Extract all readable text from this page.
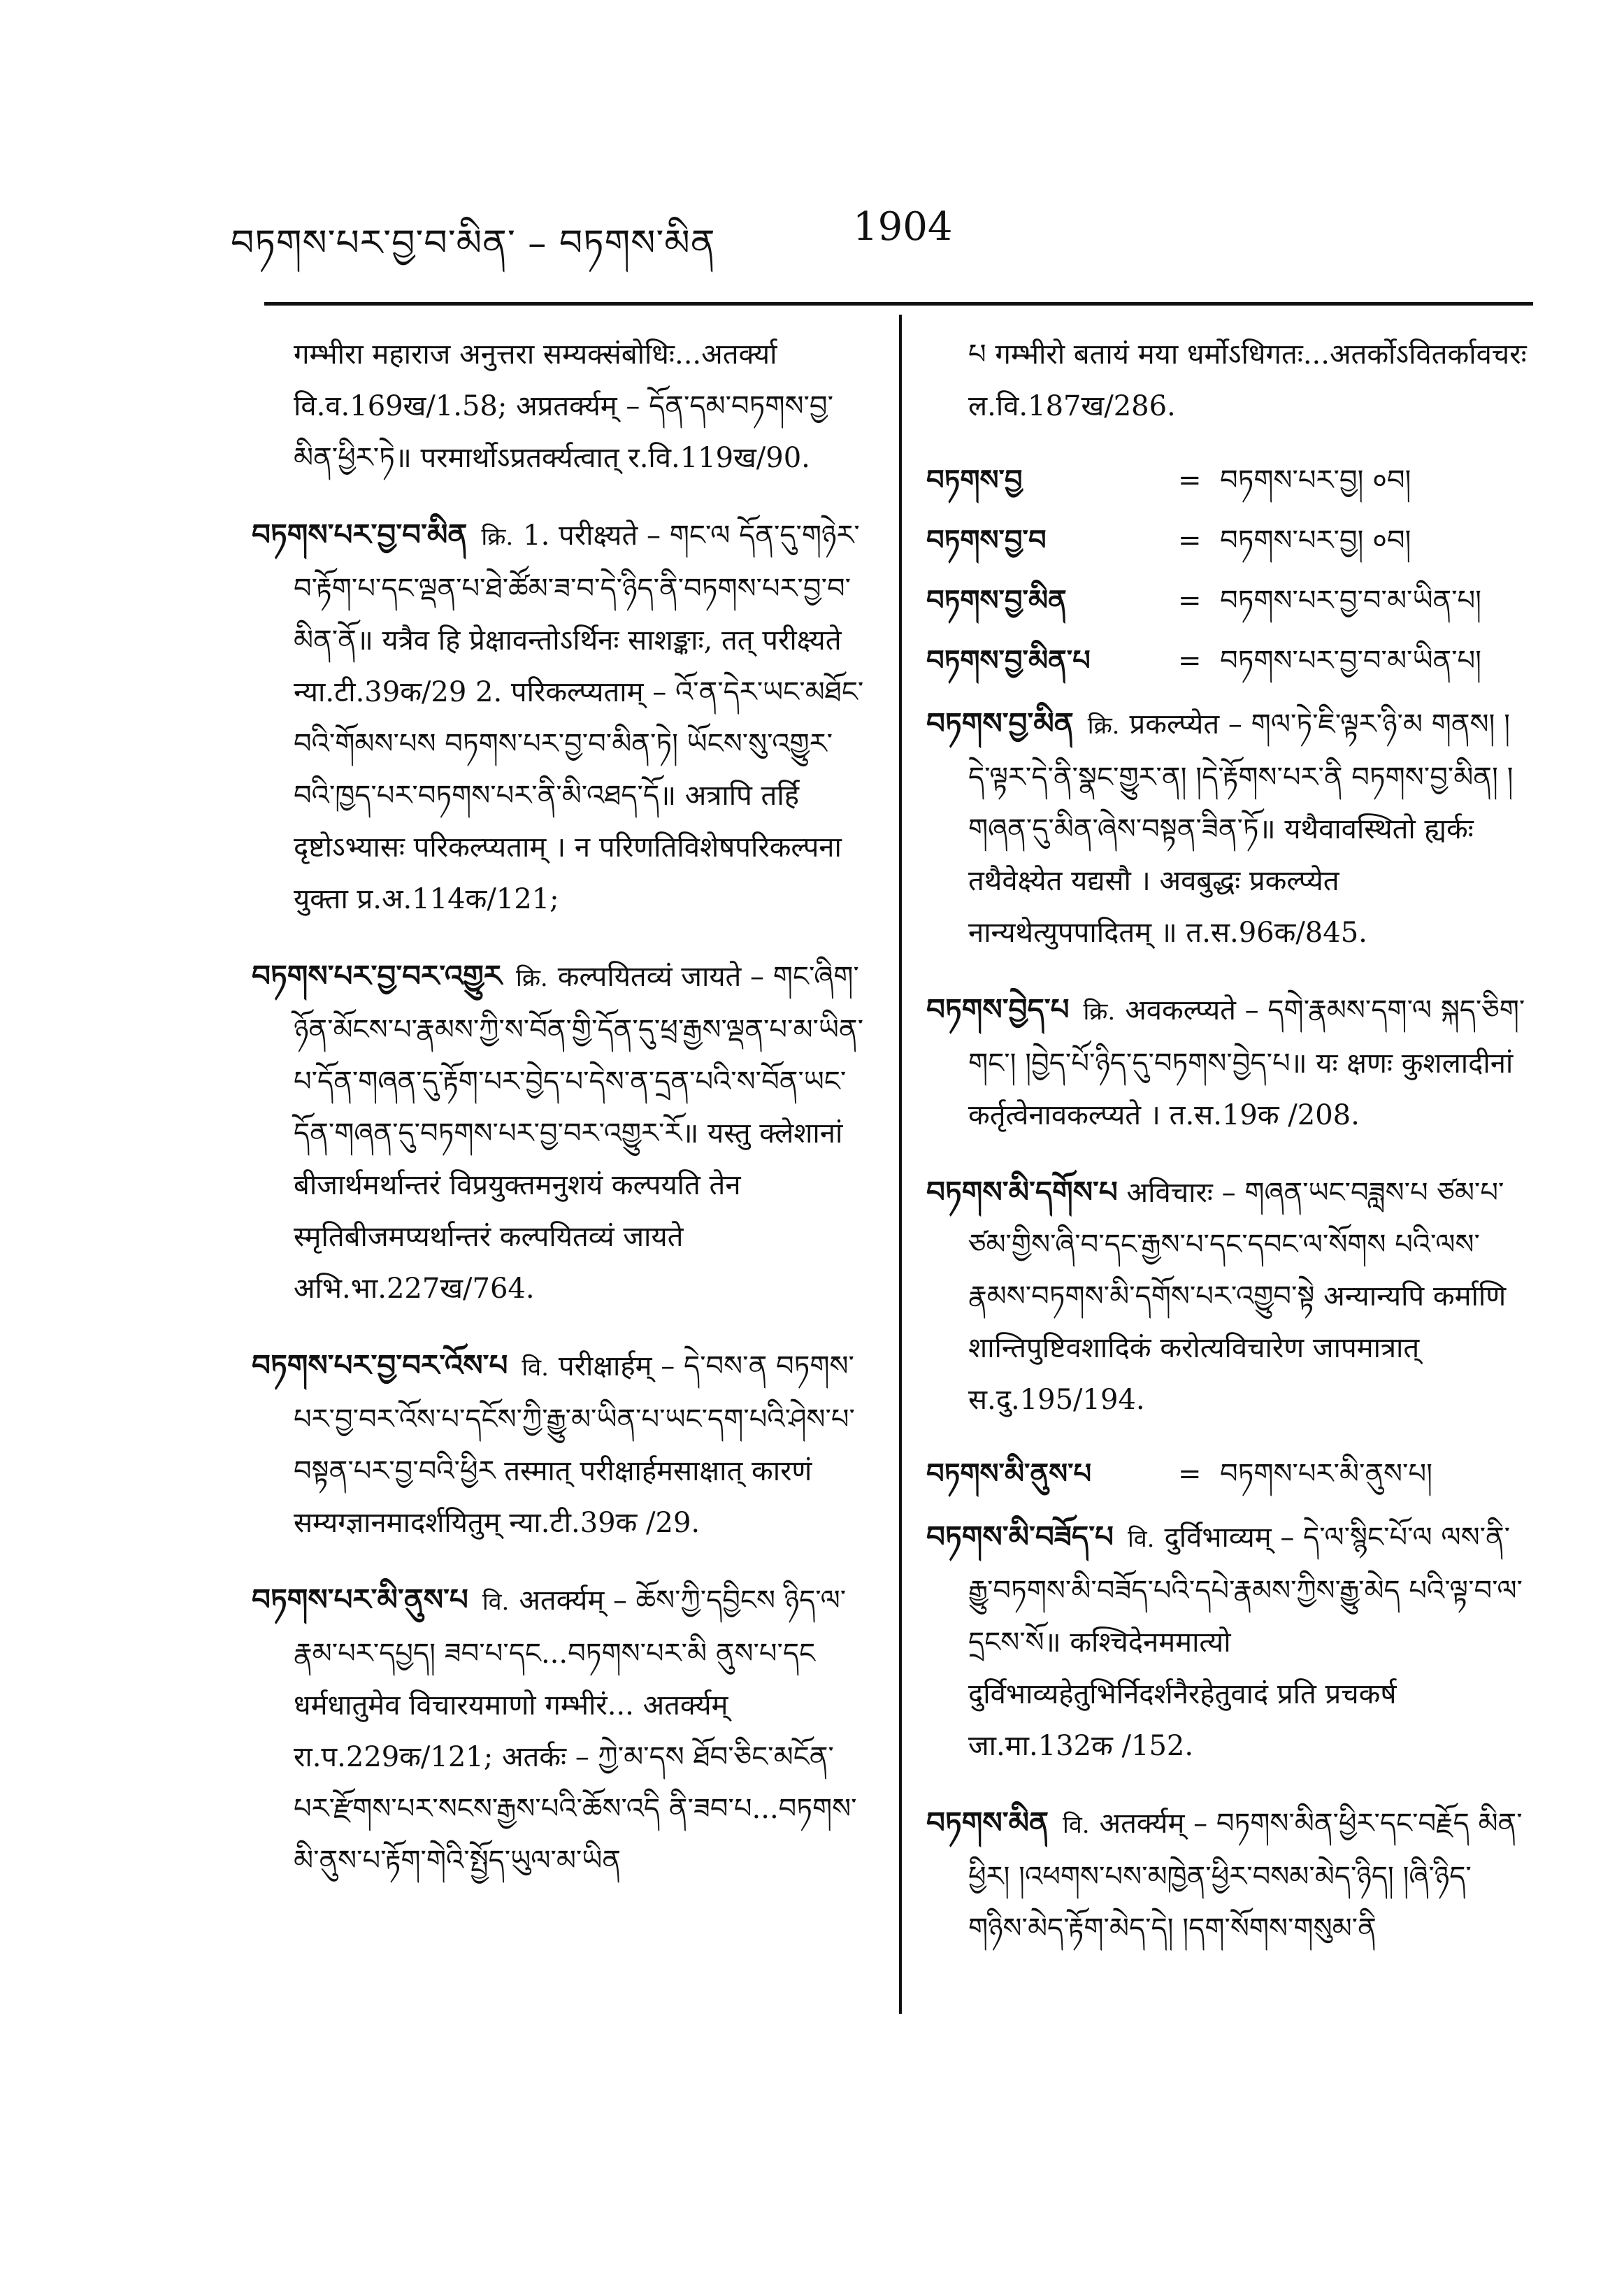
བཏགས་པར་བྱ་བ་མིན་ – བཏགས་མིན	1904
गम्भीरा महाराज अनुत्तरा सम्यक्संबोधिः...अतर्क्या वि.व.169ख/1.58; अप्रतर्क्यम् – དོན་དམ་བཏགས་བྱ་མིན་ཕྱིར་ཏེ॥ परमार्थोऽप्रतर्क्यत्वात् र.वि.119ख/90.
བཏགས་པར་བྱ་བ་མིན क्रि. 1. परीक्ष्यते – གང་ལ དོན་དུ་གཉེར་བ་རྟོག་པ་དང་ལྡན་པ་ཐེ་ཚོམ་ཟ་བ་དེ་ཉིད་ནི་བཏགས་པར་བྱ་བ་མིན་ནོ॥ यत्रैव हि प्रेक्षावन्तोऽर्थिनः साशङ्काः, तत् परीक्ष्यते न्या.टी.39क/29 2. परिकल्प्यताम् – འོ་ན་དེར་ཡང་མཐོང་བའི་གོམས་པས བཏགས་པར་བྱ་བ་མིན་ཏེ། ཡོངས་སུ་འགྱུར་བའི་ཁྱད་པར་བཏགས་པར་ནི་མི་འཐད་དོ॥ अत्रापि तर्हि दृष्टोऽभ्यासः परिकल्प्यताम् । न परिणतिविशेषपरिकल्पना युक्ता प्र.अ.114क/121;
བཏགས་པར་བྱ་བར་འགྱུར क्रि. कल्पयितव्यं जायते – གང་ཞིག་ཉོན་མོངས་པ་རྣམས་ཀྱི་ས་བོན་གྱི་དོན་དུ་ཕྲ་རྒྱས་ལྡན་པ་མ་ཡིན་པ་དོན་གཞན་དུ་རྟོག་པར་བྱེད་པ་དེས་ན་དྲན་པའི་ས་བོན་ཡང་དོན་གཞན་དུ་བཏགས་པར་བྱ་བར་འགྱུར་རོ॥ यस्तु क्लेशानां बीजार्थमर्थान्तरं विप्रयुक्तमनुशयं कल्पयति तेन स्मृतिबीजमप्यर्थान्तरं कल्पयितव्यं जायते अभि.भा.227ख/764.
བཏགས་པར་བྱ་བར་འོས་པ वि. परीक्षार्हम् – དེ་བས་ན བཏགས་པར་བྱ་བར་འོས་པ་དངོས་ཀྱི་རྒྱུ་མ་ཡིན་པ་ཡང་དག་པའི་ཤེས་པ་བསྟན་པར་བྱ་བའི་ཕྱིར तस्मात् परीक्षार्हमसाक्षात् कारणं सम्यग्ज्ञानमादर्शयितुम् न्या.टी.39क /29.
བཏགས་པར་མི་ནུས་པ वि. अतर्क्यम् – ཆོས་ཀྱི་དབྱིངས ཉིད་ལ་རྣམ་པར་དཔྱད། ཟབ་པ་དང...བཏགས་པར་མི ནུས་པ་དང धर्मधातुमेव विचारयमाणो गम्भीरं... अतर्क्यम् रा.प.229क/121; अतर्कः – ཀྱེ་མ་དས ཐོབ་ཅིང་མངོན་པར་རྫོགས་པར་སངས་རྒྱས་པའི་ཆོས་འདི ནི་ཟབ་པ...བཏགས་མི་ནུས་པ་རྟོག་གེའི་སྤྱོད་ཡུལ་མ་ཡིན
པ गम्भीरो बतायं मया धर्मोऽधिगतः...अतर्कोऽवितर्कावचरः ल.वि.187ख/286.
བཏགས་བྱ	= བཏགས་པར་བྱ། ०བ།
བཏགས་བྱ་བ	= བཏགས་པར་བྱ། ०བ།
བཏགས་བྱ་མིན	= བཏགས་པར་བྱ་བ་མ་ཡིན་པ།
བཏགས་བྱ་མིན་པ	= བཏགས་པར་བྱ་བ་མ་ཡིན་པ།
བཏགས་བྱ་མིན क्रि. प्रकल्प्येत – གལ་ཏེ་ཇི་ལྟར་ཉི་མ གནས། །དེ་ལྟར་དེ་ནི་སྣང་གྱུར་ན། །དེ་རྟོགས་པར་ནི བཏགས་བྱ་མིན། །གཞན་དུ་མིན་ཞེས་བསྟན་ཟིན་ཏོ॥ यथैवावस्थितो ह्यर्कः तथैवेक्ष्येत यद्यसौ । अवबुद्धः प्रकल्प्येत नान्यथेत्युपपादितम् ॥ त.स.96क/845.
བཏགས་བྱེད་པ क्रि. अवकल्प्यते – དགེ་རྣམས་དག་ལ སྐད་ཅིག་གང་། །བྱེད་པོ་ཉིད་དུ་བཏགས་བྱེད་པ॥ यः क्षणः कुशलादीनां कर्तृत्वेनावकल्प्यते । त.स.19क /208.
བཏགས་མི་དགོས་པ अविचारः – གཞན་ཡང་བཟླས་པ ཙམ་པ་ཙམ་གྱིས་ཞི་བ་དང་རྒྱས་པ་དང་དབང་ལ་སོགས པའི་ལས་རྣམས་བཏགས་མི་དགོས་པར་འགྱུབ་སྟེ अन्यान्यपि कर्माणि शान्तिपुष्टिवशादिकं करोत्यविचारेण जापमात्रात् स.दु.195/194.
བཏགས་མི་ནུས་པ	= བཏགས་པར་མི་ནུས་པ།
བཏགས་མི་བཟོད་པ वि. दुर्विभाव्यम् – དེ་ལ་སྙིང་པོ་ལ ལས་ནི་རྒྱུ་བཏགས་མི་བཟོད་པའི་དཔེ་རྣམས་ཀྱིས་རྒྱུ་མེད པའི་ལྟ་བ་ལ་དྲངས་སོ॥ कश्चिदेनममात्यो दुर्विभाव्यहेतुभिर्निदर्शनैरहेतुवादं प्रति प्रचकर्ष जा.मा.132क /152.
བཏགས་མིན वि. अतर्क्यम् – བཏགས་མིན་ཕྱིར་དང་བརྗོད མིན་ཕྱིར། །འཕགས་པས་མཁྱེན་ཕྱིར་བསམ་མེད་ཉིད། །ཞི་ཉིད་གཉིས་མེད་རྟོག་མེད་དེ། །དག་སོགས་གསུམ་ནི
